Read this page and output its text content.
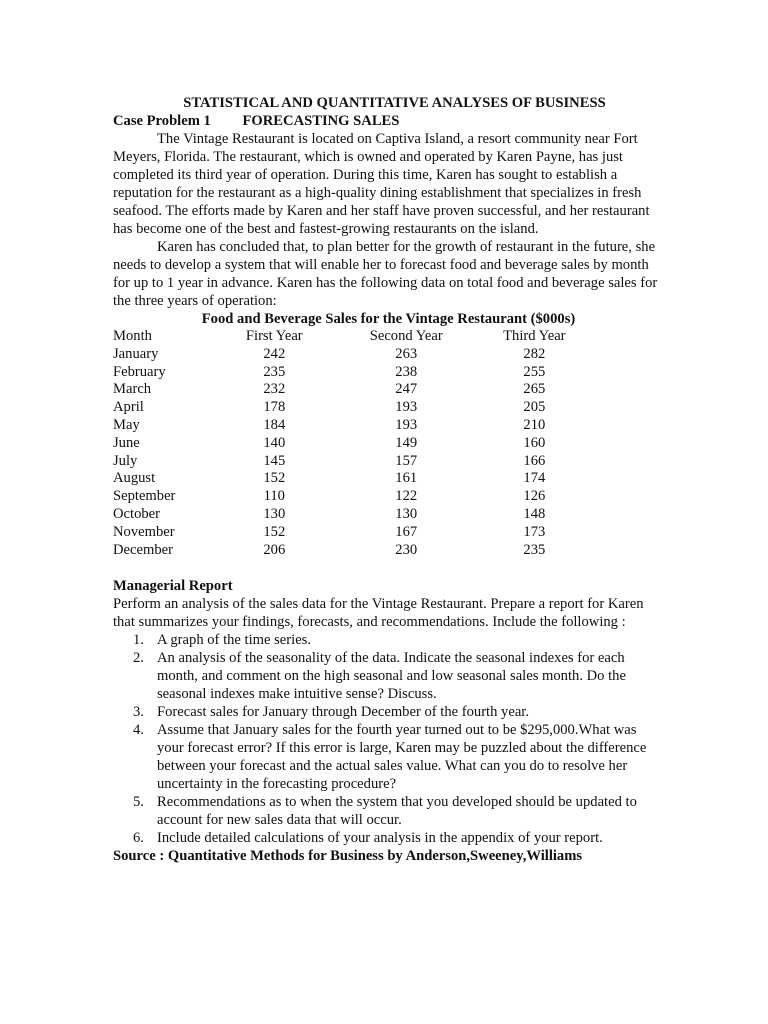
STATISTICAL AND QUANTITATIVE ANALYSES OF BUSINESS
Case Problem 1 FORECASTING SALES

The Vintage Restaurant is located on Captiva Island, a resort community near Fort Meyers, Florida. The restaurant, which is owned and operated by Karen Payne, has just completed its third year of operation. During this time, Karen has sought to establish a reputation for the restaurant as a high-quality dining establishment that specializes in fresh seafood. The efforts made by Karen and her staff have proven successful, and her restaurant has become one of the best and fastest-growing restaurants on the island.

Karen has concluded that, to plan better for the growth of restaurant in the future, she needs to develop a system that will enable her to forecast food and beverage sales by month for up to 1 year in advance. Karen has the following data on total food and beverage sales for the three years of operation:

Food and Beverage Sales for the Vintage Restaurant ($000s)
Month	First Year	Second Year	Third Year
January	242	263	282
February	235	238	255
March	232	247	265
April	178	193	205
May	184	193	210
June	140	149	160
July	145	157	166
August	152	161	174
September	110	122	126
October	130	130	148
November	152	167	173
December	206	230	235
Managerial Report

Perform an analysis of the sales data for the Vintage Restaurant. Prepare a report for Karen that summarizes your findings, forecasts, and recommendations. Include the following :

1. A graph of the time series.
2. An analysis of the seasonality of the data. Indicate the seasonal indexes for each month, and comment on the high seasonal and low seasonal sales month. Do the seasonal indexes make intuitive sense? Discuss.
3. Forecast sales for January through December of the fourth year.
4. Assume that January sales for the fourth year turned out to be $295,000.What was your forecast error? If this error is large, Karen may be puzzled about the difference between your forecast and the actual sales value. What can you do to resolve her uncertainty in the forecasting procedure?
5. Recommendations as to when the system that you developed should be updated to account for new sales data that will occur.
6. Include detailed calculations of your analysis in the appendix of your report.
Source : Quantitative Methods for Business by Anderson,Sweeney,Williams
